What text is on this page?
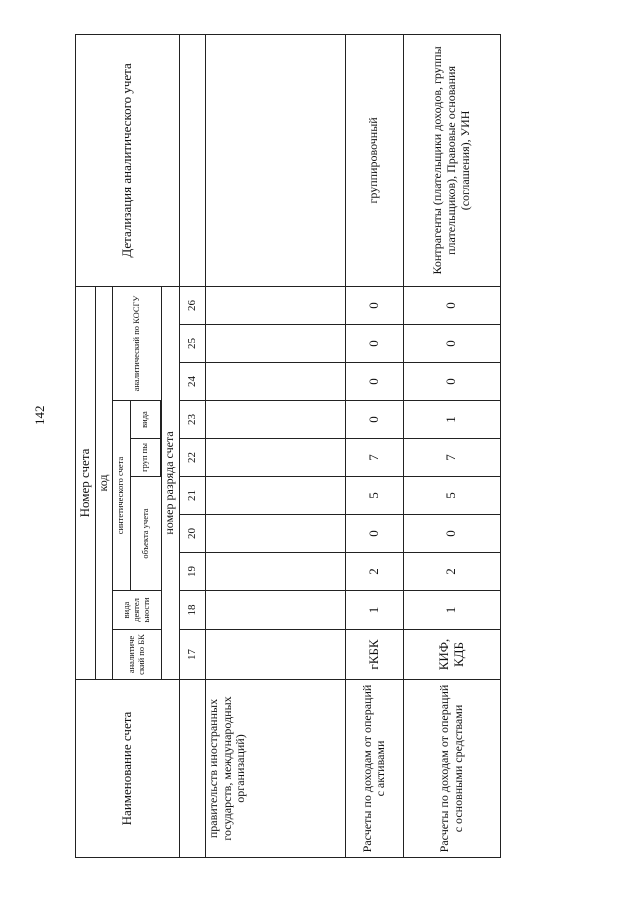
142
Наименование счета	Номер счета										Детализация аналитического учета
	код										
	аналитиче ский по БК	вида деятел ьности	синтетического счета					аналитический по КОСГУ			
			объекта учета			груп пы	вида				

	номер разряда счета										
	17	18	19	20	21	22	23	24	25	26	
правительств иностранных государств, международных организаций)											
Расчеты по доходам от операций с активами	гКБК	1	2	0	5	7	0	0	0	0	группировочный
Расчеты по доходам от операций с основными средствами	КИФ, КДБ	1	2	0	5	7	1	0	0	0	Контрагенты (плательщики доходов, группы плательщиков), Правовые основания (соглашения), УИН
